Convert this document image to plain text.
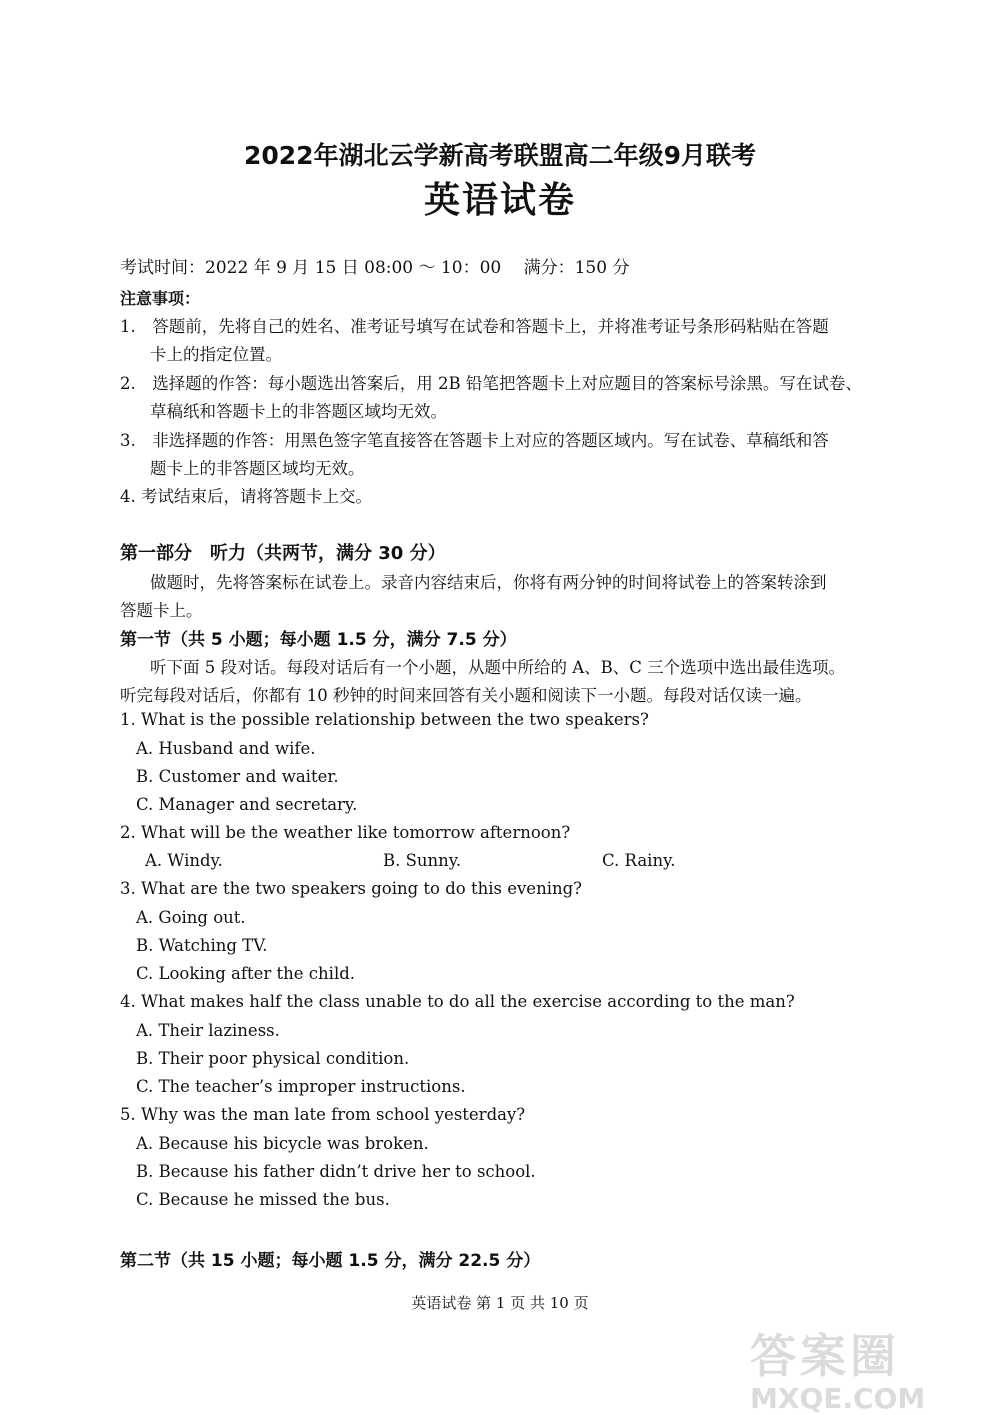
2022年湖北云学新高考联盟高二年级9月联考
英语试卷
考试时间：2022 年 9 月 15 日 08:00 ～ 10：00　 满分：150 分
注意事项：
1.　答题前，先将自己的姓名、准考证号填写在试卷和答题卡上，并将准考证号条形码粘贴在答题
卡上的指定位置。
2.　选择题的作答：每小题选出答案后，用 2B 铅笔把答题卡上对应题目的答案标号涂黑。写在试卷、
草稿纸和答题卡上的非答题区域均无效。
3.　非选择题的作答：用黑色签字笔直接答在答题卡上对应的答题区域内。写在试卷、草稿纸和答
题卡上的非答题区域均无效。
4. 考试结束后，请将答题卡上交。
第一部分　听力（共两节，满分 30 分）
做题时，先将答案标在试卷上。录音内容结束后，你将有两分钟的时间将试卷上的答案转涂到
答题卡上。
第一节（共 5 小题；每小题 1.5 分，满分 7.5 分）
听下面 5 段对话。每段对话后有一个小题，从题中所给的 A、B、C 三个选项中选出最佳选项。
听完每段对话后，你都有 10 秒钟的时间来回答有关小题和阅读下一小题。每段对话仅读一遍。
1. What is the possible relationship between the two speakers?
A. Husband and wife.
B. Customer and waiter.
C. Manager and secretary.
2. What will be the weather like tomorrow afternoon?
A. Windy.	B. Sunny.	C. Rainy.
3. What are the two speakers going to do this evening?
A. Going out.
B. Watching TV.
C. Looking after the child.
4. What makes half the class unable to do all the exercise according to the man?
A. Their laziness.
B. Their poor physical condition.
C. The teacher’s improper instructions.
5. Why was the man late from school yesterday?
A. Because his bicycle was broken.
B. Because his father didn’t drive her to school.
C. Because he missed the bus.
第二节（共 15 小题；每小题 1.5 分，满分 22.5 分）
英语试卷 第 1 页 共 10 页
答案圈
MXQE.COM
